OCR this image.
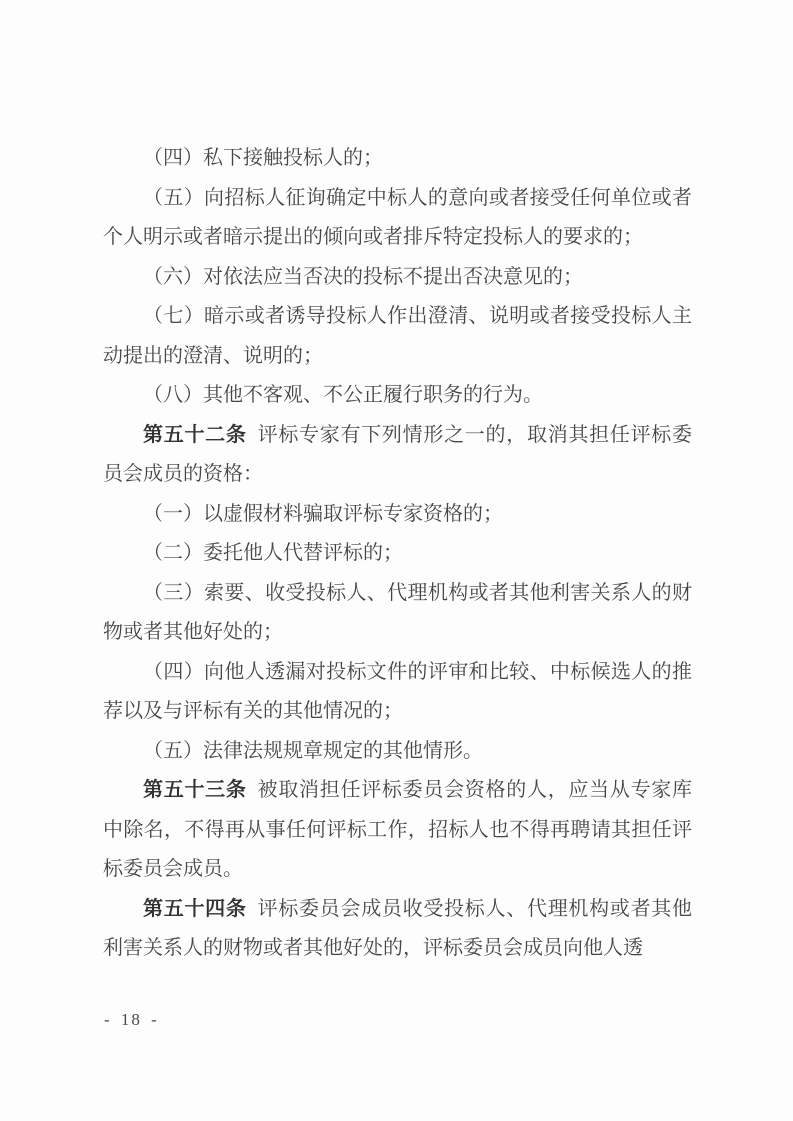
（四）私下接触投标人的；

（五）向招标人征询确定中标人的意向或者接受任何单位或者个人明示或者暗示提出的倾向或者排斥特定投标人的要求的；

（六）对依法应当否决的投标不提出否决意见的；

（七）暗示或者诱导投标人作出澄清、说明或者接受投标人主动提出的澄清、说明的；

（八）其他不客观、不公正履行职务的行为。

第五十二条 评标专家有下列情形之一的，取消其担任评标委员会成员的资格：

（一）以虚假材料骗取评标专家资格的；

（二）委托他人代替评标的；

（三）索要、收受投标人、代理机构或者其他利害关系人的财物或者其他好处的；

（四）向他人透漏对投标文件的评审和比较、中标候选人的推荐以及与评标有关的其他情况的；

（五）法律法规规章规定的其他情形。

第五十三条 被取消担任评标委员会资格的人，应当从专家库中除名，不得再从事任何评标工作，招标人也不得再聘请其担任评标委员会成员。

第五十四条 评标委员会成员收受投标人、代理机构或者其他利害关系人的财物或者其他好处的，评标委员会成员向他人透

- 18 -
